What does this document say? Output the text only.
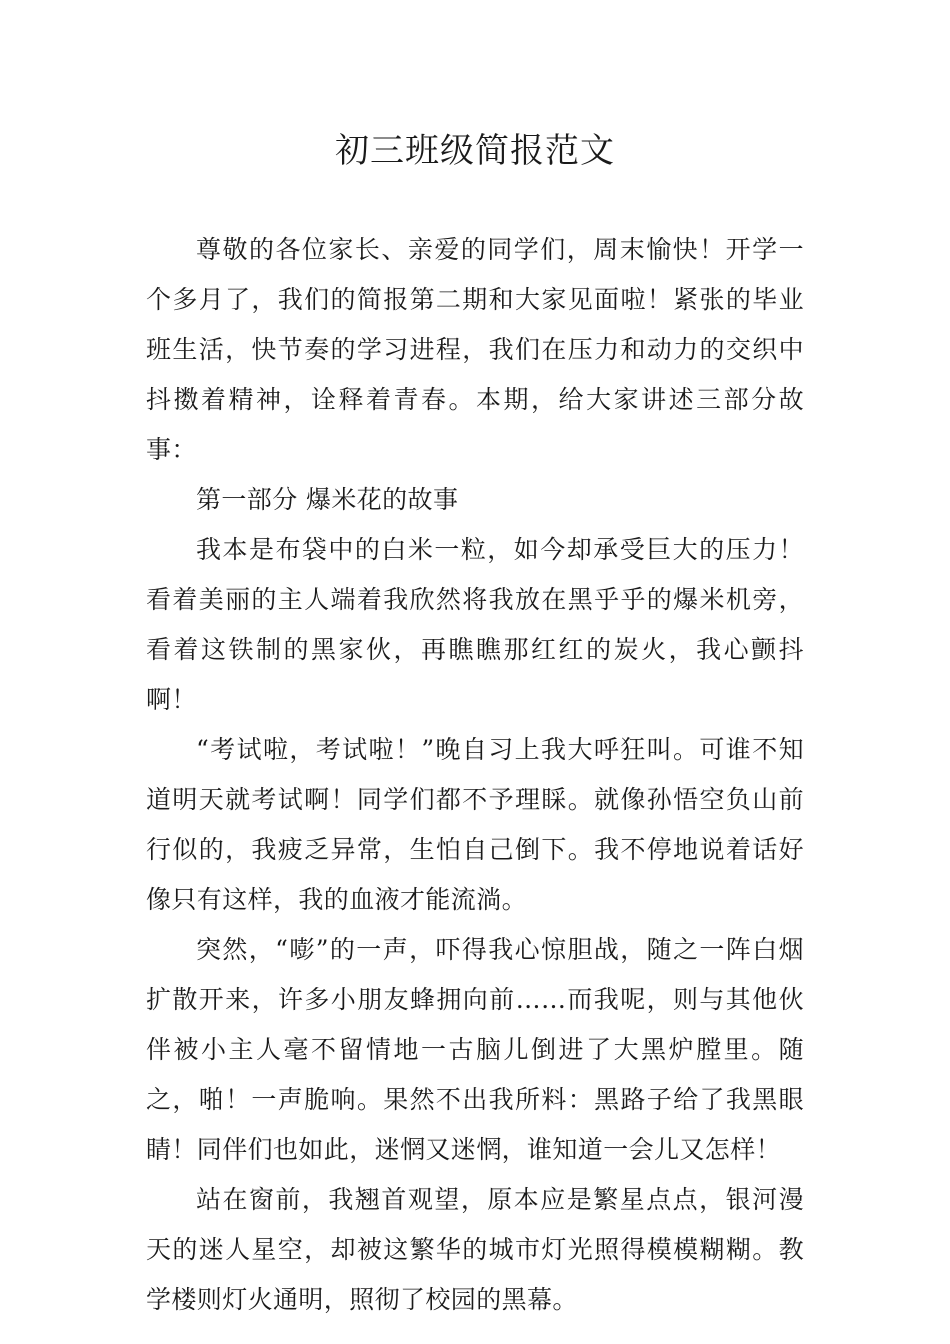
初三班级简报范文

尊敬的各位家长、亲爱的同学们，周末愉快！开学一个多月了，我们的简报第二期和大家见面啦！紧张的毕业班生活，快节奏的学习进程，我们在压力和动力的交织中抖擞着精神，诠释着青春。本期，给大家讲述三部分故事：

第一部分 爆米花的故事

我本是布袋中的白米一粒，如今却承受巨大的压力！看着美丽的主人端着我欣然将我放在黑乎乎的爆米机旁，看着这铁制的黑家伙，再瞧瞧那红红的炭火，我心颤抖啊！

“考试啦，考试啦！”晚自习上我大呼狂叫。可谁不知道明天就考试啊！同学们都不予理睬。就像孙悟空负山前行似的，我疲乏异常，生怕自己倒下。我不停地说着话好像只有这样，我的血液才能流淌。

突然，“嘭”的一声，吓得我心惊胆战，随之一阵白烟扩散开来，许多小朋友蜂拥向前……而我呢，则与其他伙伴被小主人毫不留情地一古脑儿倒进了大黑炉膛里。随之，啪！一声脆响。果然不出我所料：黑路子给了我黑眼睛！同伴们也如此，迷惘又迷惘，谁知道一会儿又怎样！

站在窗前，我翘首观望，原本应是繁星点点，银河漫天的迷人星空，却被这繁华的城市灯光照得模模糊糊。教学楼则灯火通明，照彻了校园的黑幕。
